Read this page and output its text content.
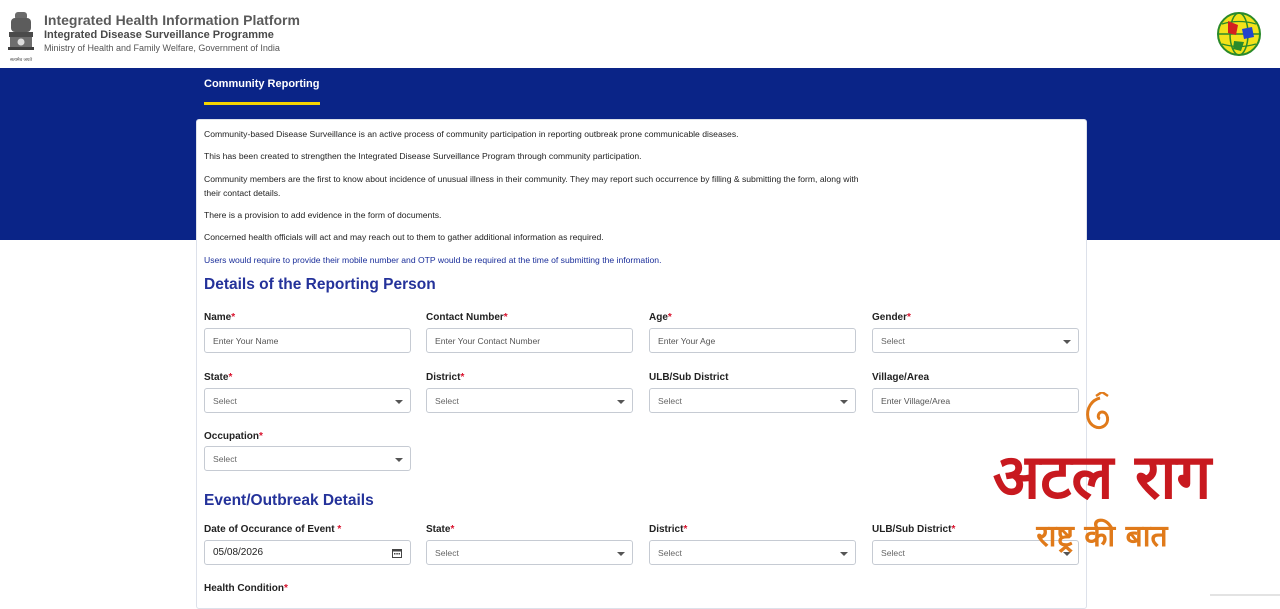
सत्यमेव जयते
Integrated Health Information Platform
Integrated Disease Surveillance Programme
Ministry of Health and Family Welfare, Government of India
Community Reporting
Community-based Disease Surveillance is an active process of community participation in reporting outbreak prone communicable diseases.
This has been created to strengthen the Integrated Disease Surveillance Program through community participation.
Community members are the first to know about incidence of unusual illness in their community. They may report such occurrence by filling & submitting the form, along with their contact details.
There is a provision to add evidence in the form of documents.
Concerned health officials will act and may reach out to them to gather additional information as required.
Users would require to provide their mobile number and OTP would be required at the time of submitting the information.
Details of the Reporting Person
Name*
Enter Your Name
Contact Number*
Enter Your Contact Number
Age*
Enter Your Age
Gender*
Select
State*
Select
District*
Select
ULB/Sub District
Select
Village/Area
Enter Village/Area
Occupation*
Select
Event/Outbreak Details
Date of Occurance of Event *
05/08/2026
State*
Select
District*
Select
ULB/Sub District*
Select
Health Condition*
अटल राग
राष्ट्र की बात
